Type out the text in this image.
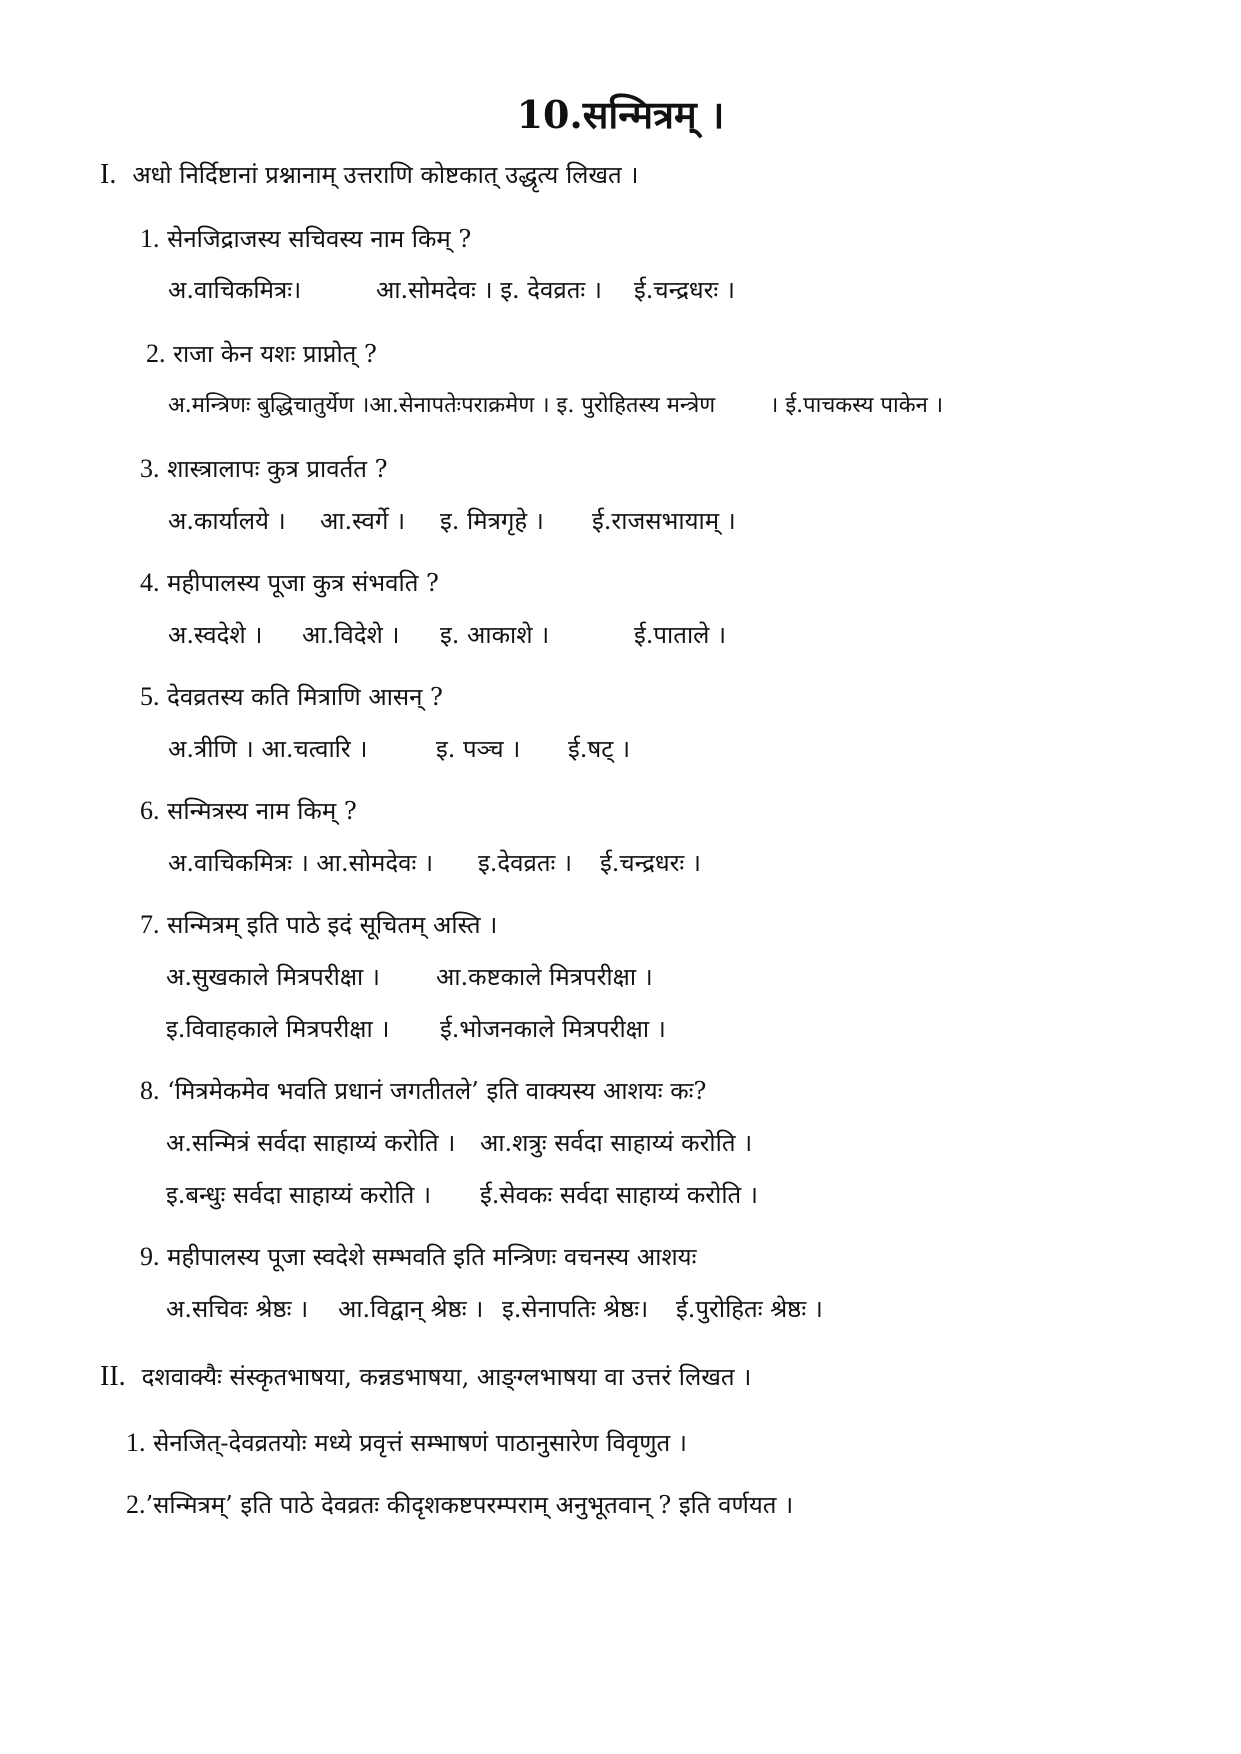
10.सन्मित्रम् ।
I. अधो निर्दिष्टानां प्रश्नानाम् उत्तराणि कोष्टकात् उद्धृत्य लिखत ।
1. सेनजिद्राजस्य सचिवस्य नाम किम् ?
अ.वाचिकमित्रः।	आ.सोमदेवः । इ. देवव्रतः । ई.चन्द्रधरः ।
2. राजा केन यशः प्राप्नोत् ?
अ.मन्त्रिणः बुद्धिचातुर्येण ।आ.सेनापतेःपराक्रमेण । इ. पुरोहितस्य मन्त्रेण । ई.पाचकस्य पाकेन ।
3. शास्त्रालापः कुत्र प्रावर्तत ?
अ.कार्यालये । आ.स्वर्गे । इ. मित्रगृहे । ई.राजसभायाम् ।
4. महीपालस्य पूजा कुत्र संभवति ?
अ.स्वदेशे । आ.विदेशे । इ. आकाशे ।	ई.पाताले ।
5. देवव्रतस्य कति मित्राणि आसन् ?
अ.त्रीणि । आ.चत्वारि ।	इ. पञ्च । ई.षट् ।
6. सन्मित्रस्य नाम किम् ?
अ.वाचिकमित्रः । आ.सोमदेवः । इ.देवव्रतः । ई.चन्द्रधरः ।
7. सन्मित्रम् इति पाठे इदं सूचितम् अस्ति ।
अ.सुखकाले मित्रपरीक्षा । आ.कष्टकाले मित्रपरीक्षा ।
इ.विवाहकाले मित्रपरीक्षा । ई.भोजनकाले मित्रपरीक्षा ।
8. ‘मित्रमेकमेव भवति प्रधानं जगतीतले’ इति वाक्यस्य आशयः कः?
अ.सन्मित्रं सर्वदा साहाय्यं करोति । आ.शत्रुः सर्वदा साहाय्यं करोति ।
इ.बन्धुः सर्वदा साहाय्यं करोति । ई.सेवकः सर्वदा साहाय्यं करोति ।
9. महीपालस्य पूजा स्वदेशे सम्भवति इति मन्त्रिणः वचनस्य आशयः
अ.सचिवः श्रेष्ठः । आ.विद्वान् श्रेष्ठः । इ.सेनापतिः श्रेष्ठः। ई.पुरोहितः श्रेष्ठः ।
II. दशवाक्यैः संस्कृतभाषया, कन्नडभाषया, आङ्ग्लभाषया वा उत्तरं लिखत ।
1. सेनजित्-देवव्रतयोः मध्ये प्रवृत्तं सम्भाषणं पाठानुसारेण विवृणुत ।
2.’सन्मित्रम्’ इति पाठे देवव्रतः कीदृशकष्टपरम्पराम् अनुभूतवान् ? इति वर्णयत ।
